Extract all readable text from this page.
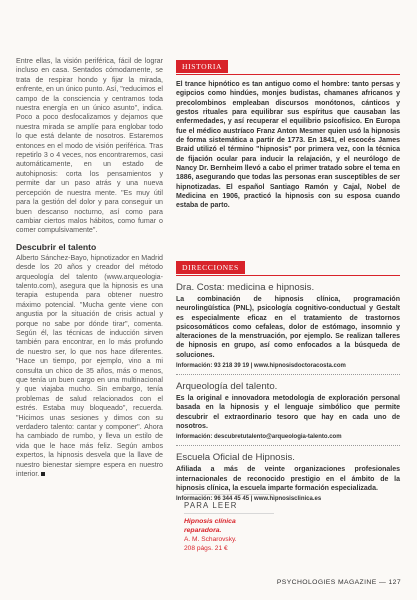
Entre ellas, la visión periférica, fácil de lograr incluso en casa. Sentados cómodamente, se trata de respirar hondo y fijar la mirada, enfrente, en un único punto. Así, "reducimos el campo de la consciencia y centramos toda nuestra energía en un único asunto", indica. Poco a poco desfocalizamos y dejamos que nuestra mirada se amplíe para englobar todo lo que está delante de nosotros. Estaremos entonces en el modo de visión periférica. Tras repetirlo 3 o 4 veces, nos encontraremos, casi automáticamente, en un estado de autohipnosis: corta los pensamientos y permite dar un paso atrás y una nueva percepción de nuestra mente. "Es muy útil para la gestión del dolor y para conseguir un buen descanso nocturno, así como para cambiar ciertos malos hábitos, como fumar o comer compulsivamente".

Descubrir el talento

Alberto Sánchez-Bayo, hipnotizador en Madrid desde los 20 años y creador del método arqueología del talento (www.arqueologia-talento.com), asegura que la hipnosis es una terapia estupenda para obtener nuestro máximo potencial. "Mucha gente viene con angustia por la situación de crisis actual y porque no sabe por dónde tirar", comenta. Según él, las técnicas de inducción sirven también para encontrar, en lo más profundo de nuestro ser, lo que nos hace diferentes. "Hace un tiempo, por ejemplo, vino a mi consulta un chico de 35 años, más o menos, que tenía un buen cargo en una multinacional y que viajaba mucho. Sin embargo, tenía problemas de salud relacionados con el estrés. Estaba muy bloqueado", recuerda. "Hicimos unas sesiones y dimos con su verdadero talento: cantar y componer". Ahora ha cambiado de rumbo, y lleva un estilo de vida que le hace más feliz. Según ambos expertos, la hipnosis desvela que la llave de nuestro bienestar siempre espera en nuestro interior.

HISTORIA

El trance hipnótico es tan antiguo como el hombre: tanto persas y egipcios como hindúes, monjes budistas, chamanes africanos y precolombinos empleaban discursos monótonos, cánticos y gestos rituales para equilibrar sus espíritus que causaban las enfermedades, y así recuperar el equilibrio psicofísico. En Europa fue el médico austríaco Franz Anton Mesmer quien usó la hipnosis de forma sistemática a partir de 1773. En 1841, el escocés James Braid utilizó el término "hipnosis" por primera vez, con la técnica de fijación ocular para inducir la relajación, y el neurólogo de Nancy Dr. Bernheim llevó a cabo el primer tratado sobre el tema en 1886, asegurando que todas las personas eran susceptibles de ser hipnotizadas. El español Santiago Ramón y Cajal, Nobel de Medicina en 1906, practicó la hipnosis con su esposa cuando estaba de parto.

DIRECCIONES
Dra. Costa: medicina e hipnosis.

La combinación de hipnosis clínica, programación neurolingüística (PNL), psicología cognitivo-conductual y Gestalt es especialmente eficaz en el tratamiento de trastornos psicosomáticos como cefaleas, dolor de estómago, insomnio y alteraciones de la menstruación, por ejemplo. Se realizan talleres de hipnosis en grupo, así como enfocados a la búsqueda de soluciones.

Información: 93 218 39 19 | www.hipnosisdoctoracosta.com

Arqueología del talento.

Es la original e innovadora metodología de exploración personal basada en la hipnosis y el lenguaje simbólico que permite descubrir el extraordinario tesoro que hay en cada uno de nosotros.

Información: descubretutalento@arqueologia-talento.com

Escuela Oficial de Hipnosis.

Afiliada a más de veinte organizaciones profesionales internacionales de reconocido prestigio en el ámbito de la hipnosis clínica, la escuela imparte formación especializada.

Información: 96 344 45 45 | www.hipnosisclinica.es

PARA LEER
Hipnosis clínica reparadora.
A. M. Scharovsky.
208 págs. 21 €
PSYCHOLOGIES MAGAZINE — 127
